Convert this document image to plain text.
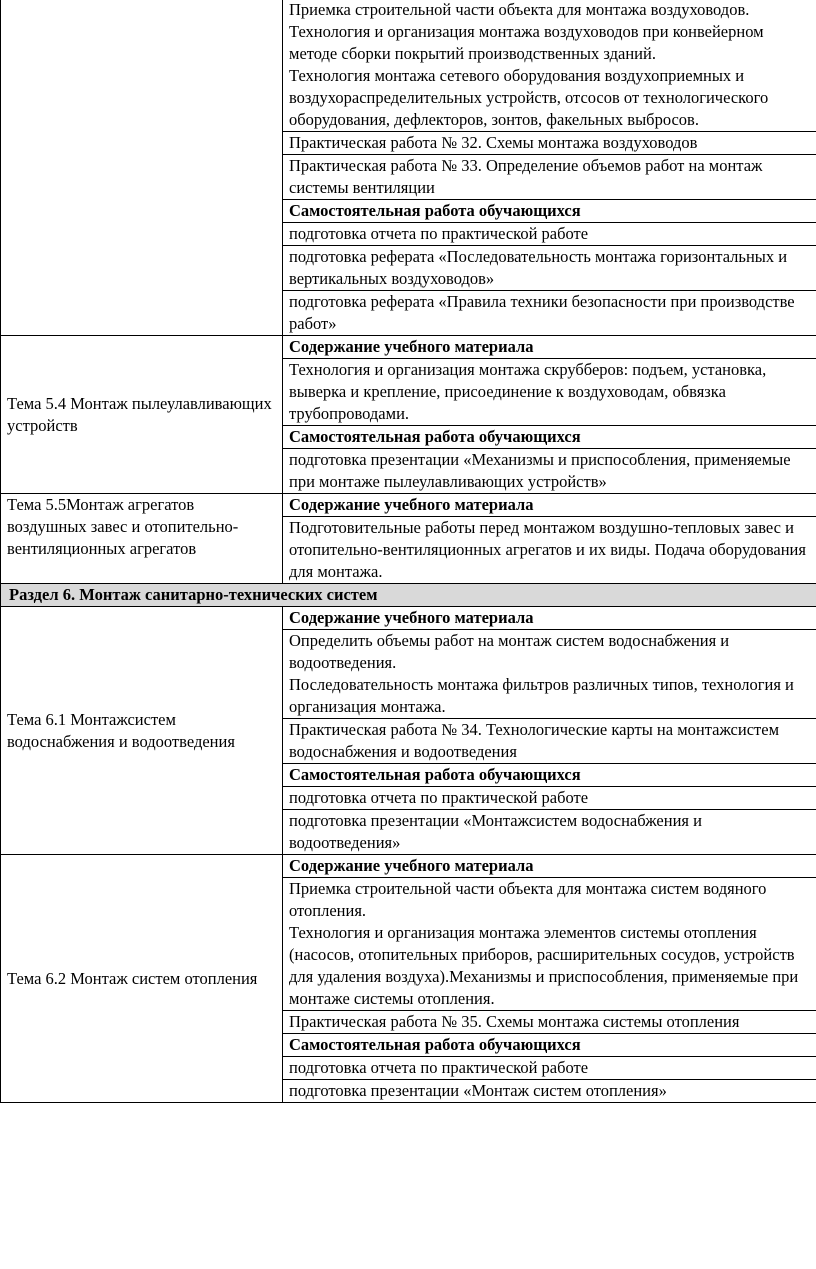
	Приемка строительной части объекта для монтажа воздуховодов.
Технология и организация монтажа воздуховодов при конвейерном методе сборки покрытий производственных зданий.
Технология монтажа сетевого оборудования воздухоприемных и воздухораспределительных устройств, отсосов от технологического оборудования, дефлекторов, зонтов, факельных выбросов.

	Практическая работа № 32. Схемы монтажа воздуховодов
	Практическая работа № 33. Определение объемов работ на монтаж системы вентиляции
	Самостоятельная работа обучающихся
	подготовка отчета по практической работе
	подготовка реферата «Последовательность монтажа горизонтальных и вертикальных воздуховодов»
	подготовка реферата «Правила техники безопасности при производстве работ»
Тема 5.4 Монтаж пылеулавливающих устройств	Содержание учебного материала
	Технология и организация монтажа скрубберов: подъем, установка, выверка и крепление, присоединение к воздуховодам, обвязка трубопроводами.
	Самостоятельная работа обучающихся
	подготовка презентации «Механизмы и приспособления, применяемые при монтаже пылеулавливающих устройств»
Тема 5.5Монтаж агрегатов воздушных завес и отопительно-вентиляционных агрегатов	Содержание учебного материала
	Подготовительные работы перед монтажом воздушно-тепловых завес и отопительно-вентиляционных агрегатов и их виды. Подача оборудования для монтажа.
Раздел 6. Монтаж санитарно-технических систем	
Тема 6.1 Монтажсистем водоснабжения и водоотведения	Содержание учебного материала

	Определить объемы работ на монтаж систем водоснабжения и водоотведения.
Последовательность монтажа фильтров различных типов, технология и организация монтажа.

	Практическая работа № 34. Технологические карты на монтажсистем водоснабжения и водоотведения
	Самостоятельная работа обучающихся
	подготовка отчета по практической работе
	подготовка презентации «Монтажсистем водоснабжения и водоотведения»
Тема 6.2 Монтаж систем отопления	Содержание учебного материала

	Приемка строительной части объекта для монтажа систем водяного отопления.
Технология и организация монтажа элементов системы отопления (насосов, отопительных приборов, расширительных сосудов, устройств для удаления воздуха).Механизмы и приспособления, применяемые при монтаже системы отопления.

	Практическая работа № 35. Схемы монтажа системы отопления
	Самостоятельная работа обучающихся
	подготовка отчета по практической работе
	подготовка презентации «Монтаж систем отопления»
